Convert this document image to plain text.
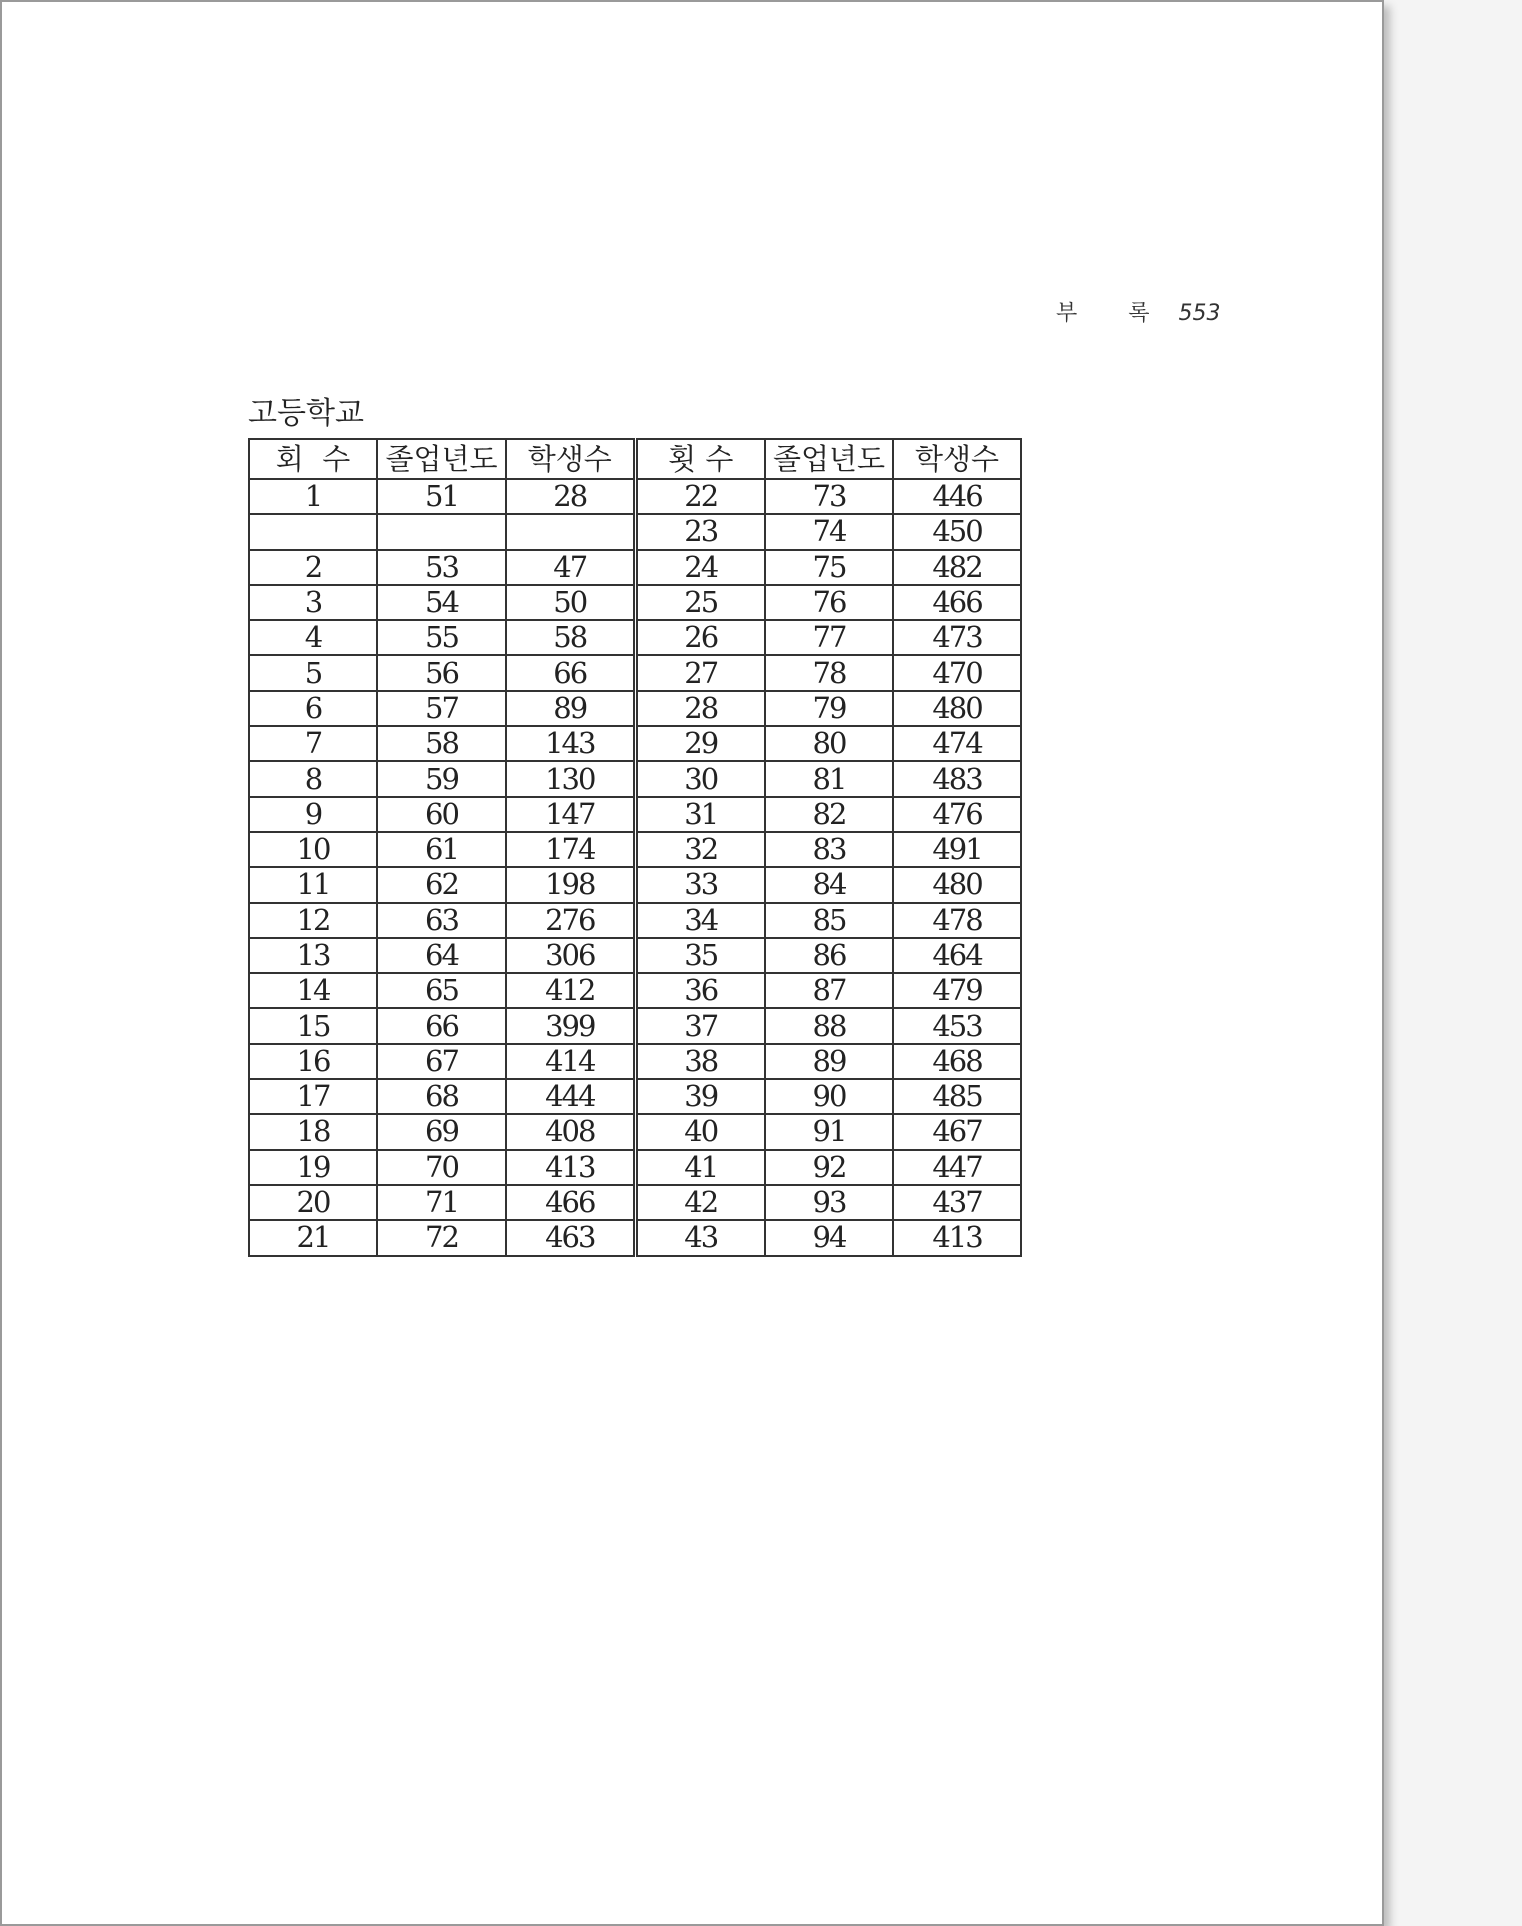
부 록 553
고등학교
회  수	졸업년도	학생수	횟 수	졸업년도	학생수
1	51	28	22	73	446
			23	74	450
2	53	47	24	75	482
3	54	50	25	76	466
4	55	58	26	77	473
5	56	66	27	78	470
6	57	89	28	79	480
7	58	143	29	80	474
8	59	130	30	81	483
9	60	147	31	82	476
10	61	174	32	83	491
11	62	198	33	84	480
12	63	276	34	85	478
13	64	306	35	86	464
14	65	412	36	87	479
15	66	399	37	88	453
16	67	414	38	89	468
17	68	444	39	90	485
18	69	408	40	91	467
19	70	413	41	92	447
20	71	466	42	93	437
21	72	463	43	94	413
